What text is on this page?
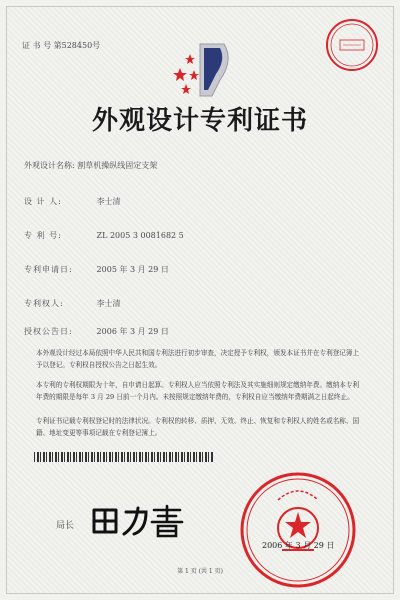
证 书 号 第528450号
外观设计专利证书
外观设计名称: 割草机操纵线固定支架
设 计 人:	李士清
专 利 号:	ZL 2005 3 0081682 5
专利申请日:	2005 年 3 月 29 日
专利权人:	李士清
授权公告日:	2006 年 3 月 29 日
本外观设计经过本局依照中华人民共和国专利法进行初步审查，决定授予专利权，颁发本证书并在专利登记簿上予以登记。专利权自授权公告之日起生效。
本专利的专利权期限为十年，自申请日起算。专利权人应当依照专利法及其实施细则规定缴纳年费。缴纳本专利年费的期限是每年 3 月 29 日前一个月内。未按照规定缴纳年费的，专利权自应当缴纳年费期满之日起终止。
专利证书记载专利权登记时的法律状况。专利权的转移、质押、无效、终止、恢复和专利权人的姓名或名称、国籍、地址变更等事项记载在专利登记簿上。
局长
2006 年 3 月 29 日
第 1 页 (共 1 页)
